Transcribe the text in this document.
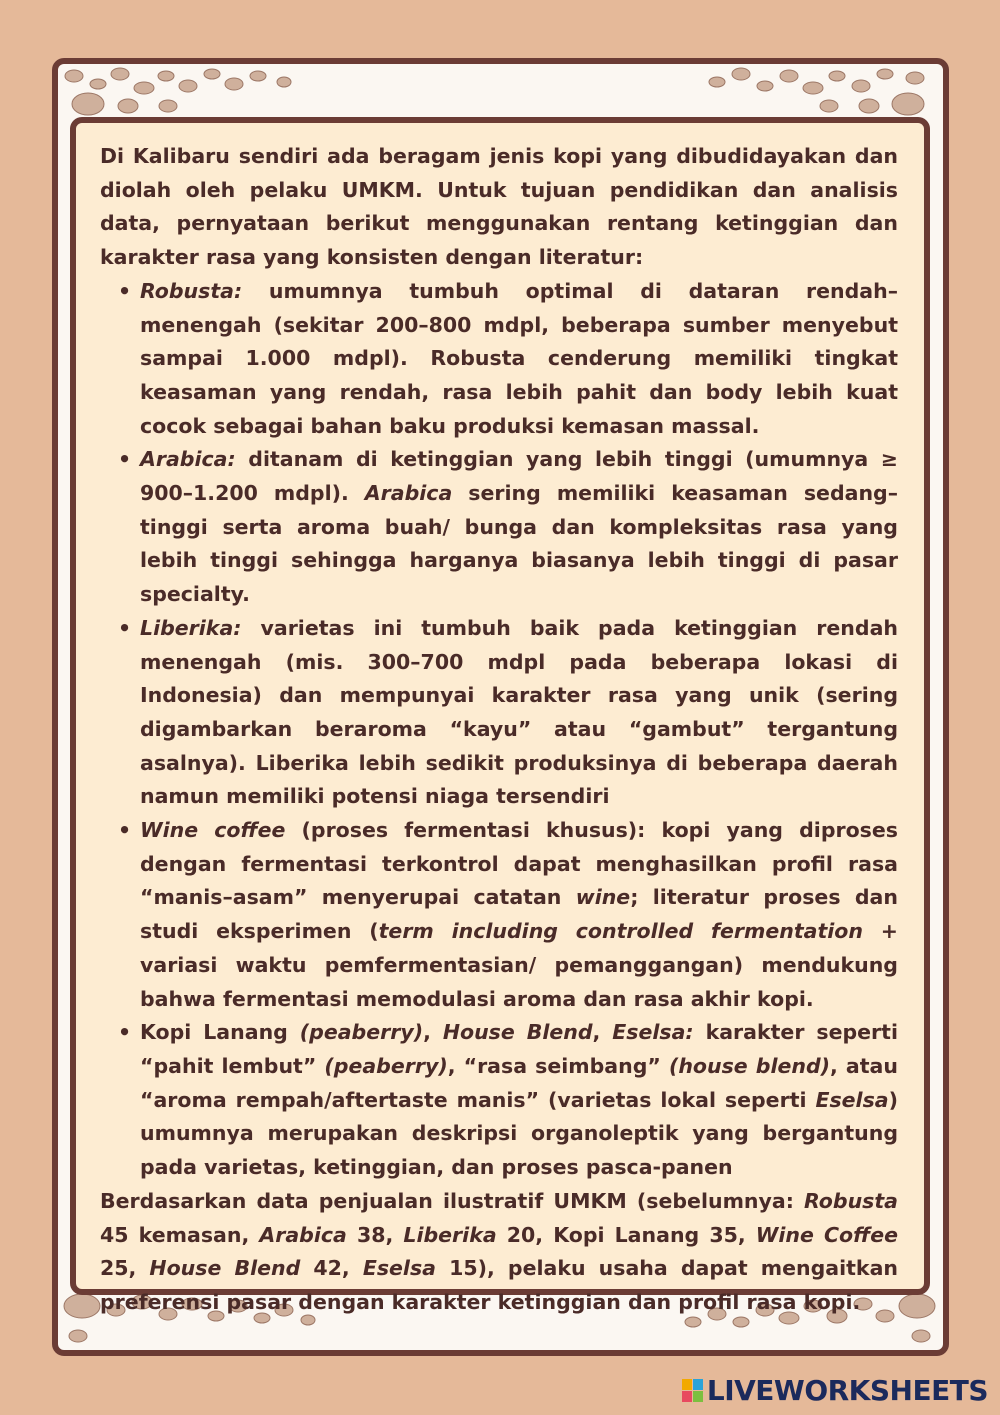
Di Kalibaru sendiri ada beragam jenis kopi yang dibudidayakan dan diolah oleh pelaku UMKM. Untuk tujuan pendidikan dan analisis data, pernyataan berikut menggunakan rentang ketinggian dan karakter rasa yang konsisten dengan literatur:

• Robusta: umumnya tumbuh optimal di dataran rendah–menengah (sekitar 200–800 mdpl, beberapa sumber menyebut sampai 1.000 mdpl). Robusta cenderung memiliki tingkat keasaman yang rendah, rasa lebih pahit dan body lebih kuat cocok sebagai bahan baku produksi kemasan massal.
• Arabica: ditanam di ketinggian yang lebih tinggi (umumnya ≥ 900–1.200 mdpl). Arabica sering memiliki keasaman sedang–tinggi serta aroma buah/ bunga dan kompleksitas rasa yang lebih tinggi sehingga harganya biasanya lebih tinggi di pasar specialty.
• Liberika: varietas ini tumbuh baik pada ketinggian rendah menengah (mis. 300–700 mdpl pada beberapa lokasi di Indonesia) dan mempunyai karakter rasa yang unik (sering digambarkan beraroma “kayu” atau “gambut” tergantung asalnya). Liberika lebih sedikit produksinya di beberapa daerah namun memiliki potensi niaga tersendiri
• Wine coffee (proses fermentasi khusus): kopi yang diproses dengan fermentasi terkontrol dapat menghasilkan profil rasa “manis–asam” menyerupai catatan wine; literatur proses dan studi eksperimen (term including controlled fermentation + variasi waktu pemfermentasian/ pemanggangan) mendukung bahwa fermentasi memodulasi aroma dan rasa akhir kopi.
• Kopi Lanang (peaberry), House Blend, Eselsa: karakter seperti “pahit lembut” (peaberry), “rasa seimbang” (house blend), atau “aroma rempah/aftertaste manis” (varietas lokal seperti Eselsa) umumnya merupakan deskripsi organoleptik yang bergantung pada varietas, ketinggian, dan proses pasca-panen

Berdasarkan data penjualan ilustratif UMKM (sebelumnya: Robusta 45 kemasan, Arabica 38, Liberika 20, Kopi Lanang 35, Wine Coffee 25, House Blend 42, Eselsa 15), pelaku usaha dapat mengaitkan preferensi pasar dengan karakter ketinggian dan profil rasa kopi.

LIVEWORKSHEETS
